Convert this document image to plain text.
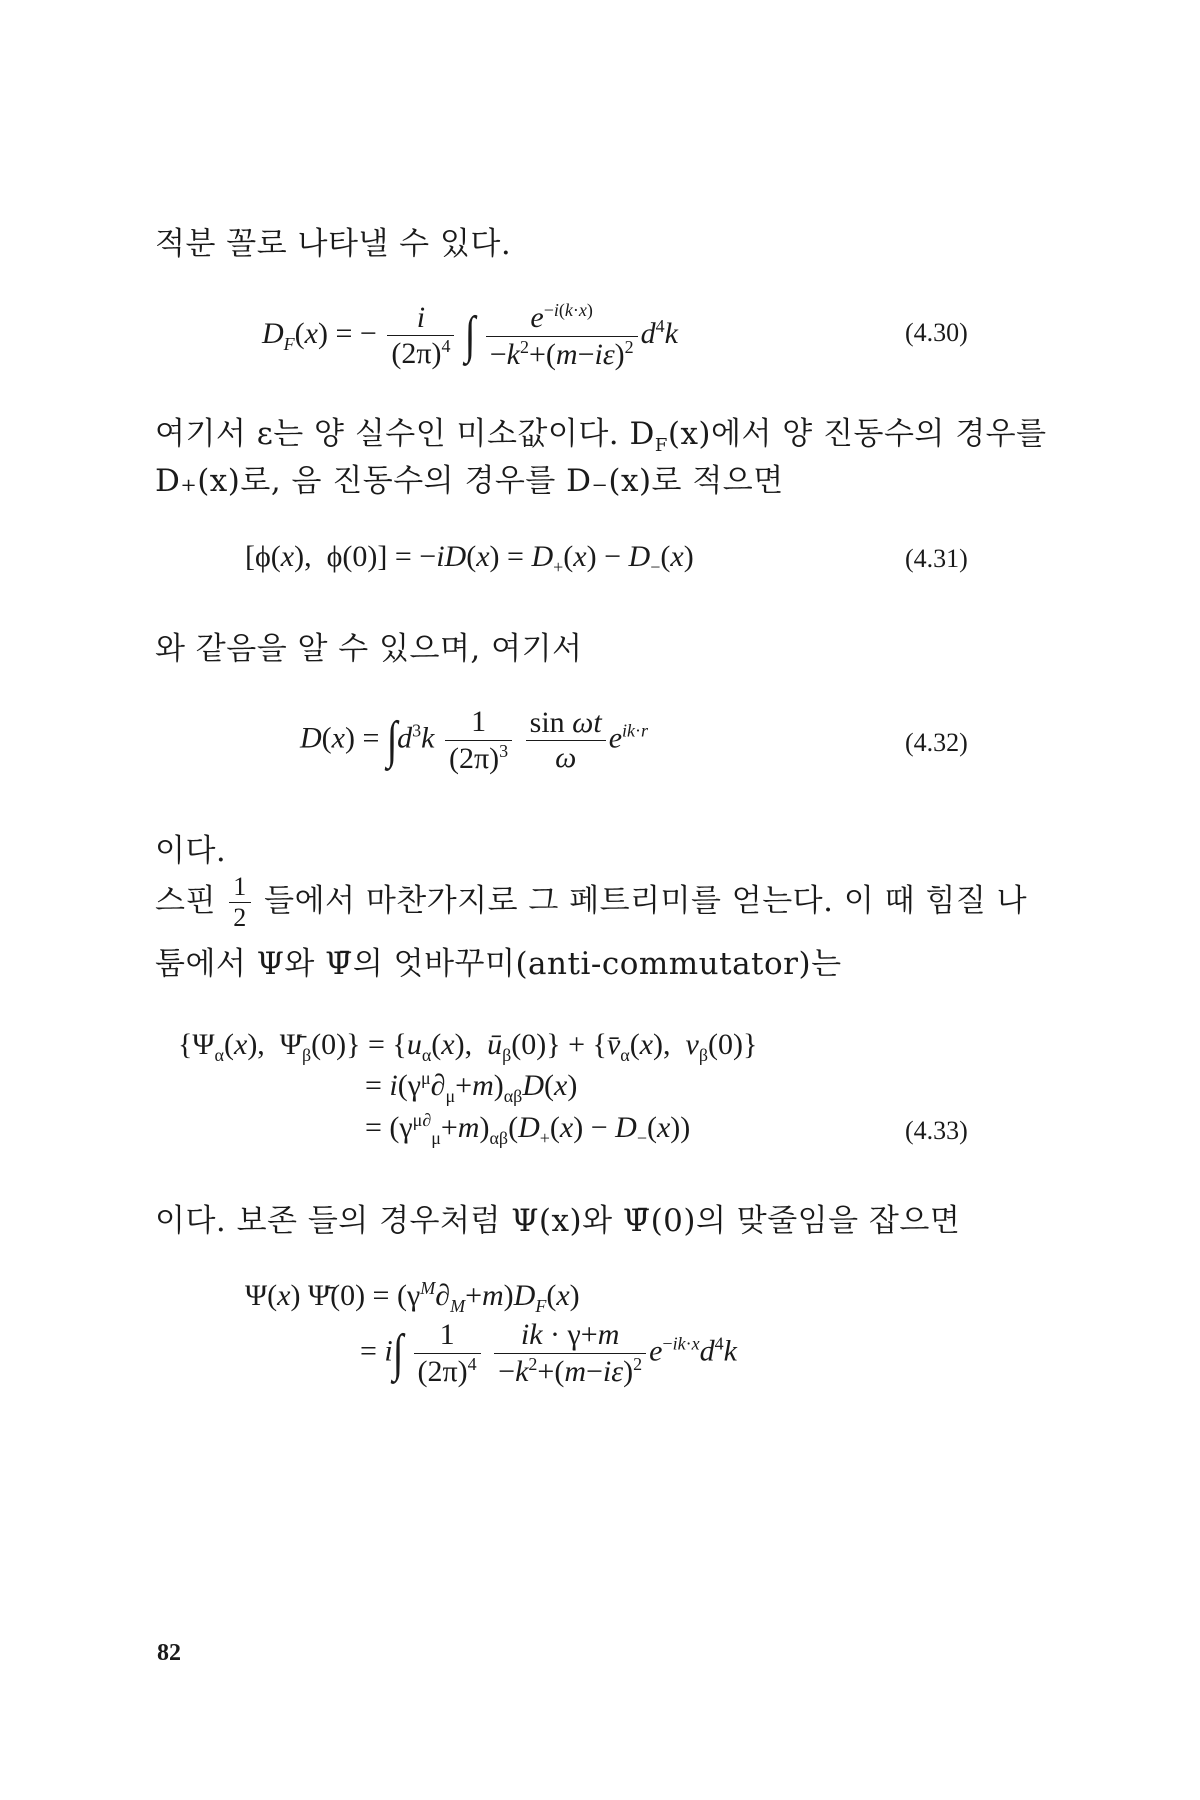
적분 꼴로 나타낼 수 있다.
$D_F(x)$ = − $\frac{i}{(2\pi)^4}$ ∫ $\frac{e^{-i(k\cdot x)}}{-k^2+(m-i\varepsilon)^2} d^4k$	(4.30)
여기서 ε는 양 실수인 미소값이다. $D_F(x)$에서 양 진동수의 경우를
D₊(x)로, 음 진동수의 경우를 D₋(x)로 적으면
[ϕ(x),  $\phi(0)] = -iD(x) = D_+(x) - D_-(x)$	(4.31)
와 같음을 알 수 있으며, 여기서
$D(x) = \int d^3k \frac{1}{(2\pi)^3}$
$\frac{\text{sin ωt}}{\omega} e^{ik\cdot r}$	(4.32)
이다.
스핀 $\frac{1}{2}$ 들에서 마찬가지로 그 페트리미를 얻는다. 이 때 힘질 나
툼에서 Ψ와 Ψ̄의 엇바꾸미(anti-commutator)는
{$\Psi_\alpha(x)$,  $\Psī_\beta(0)\} = \{u_\alpha(x)$,  $ū_\beta(0)$} + {$v̄_\alpha(x)$,  $v_\beta(0)$}
= $i(\gamma^\mu\partial_\mu+m)_{\alpha\beta}D(x)$
= $(\gamma^{\mu\partial}_\mu+m)_{\alpha\beta}(D_+(x) - D_-(x))$	(4.33)
이다. 보존 들의 경우처럼 Ψ(x)와 Ψ̄(0)의 맞줄임을 잡으면
Ψ(x) Ψ̄(0) = $(\gamma^M\partial_M+m)D_F(x)$
= $i\int \frac{1}{(2\pi)^4}$
$\frac{ik \cdot \gamma+m}{-k^2+(m-i\varepsilon)^2} e^{-ik\cdot x}d^4k$
82
